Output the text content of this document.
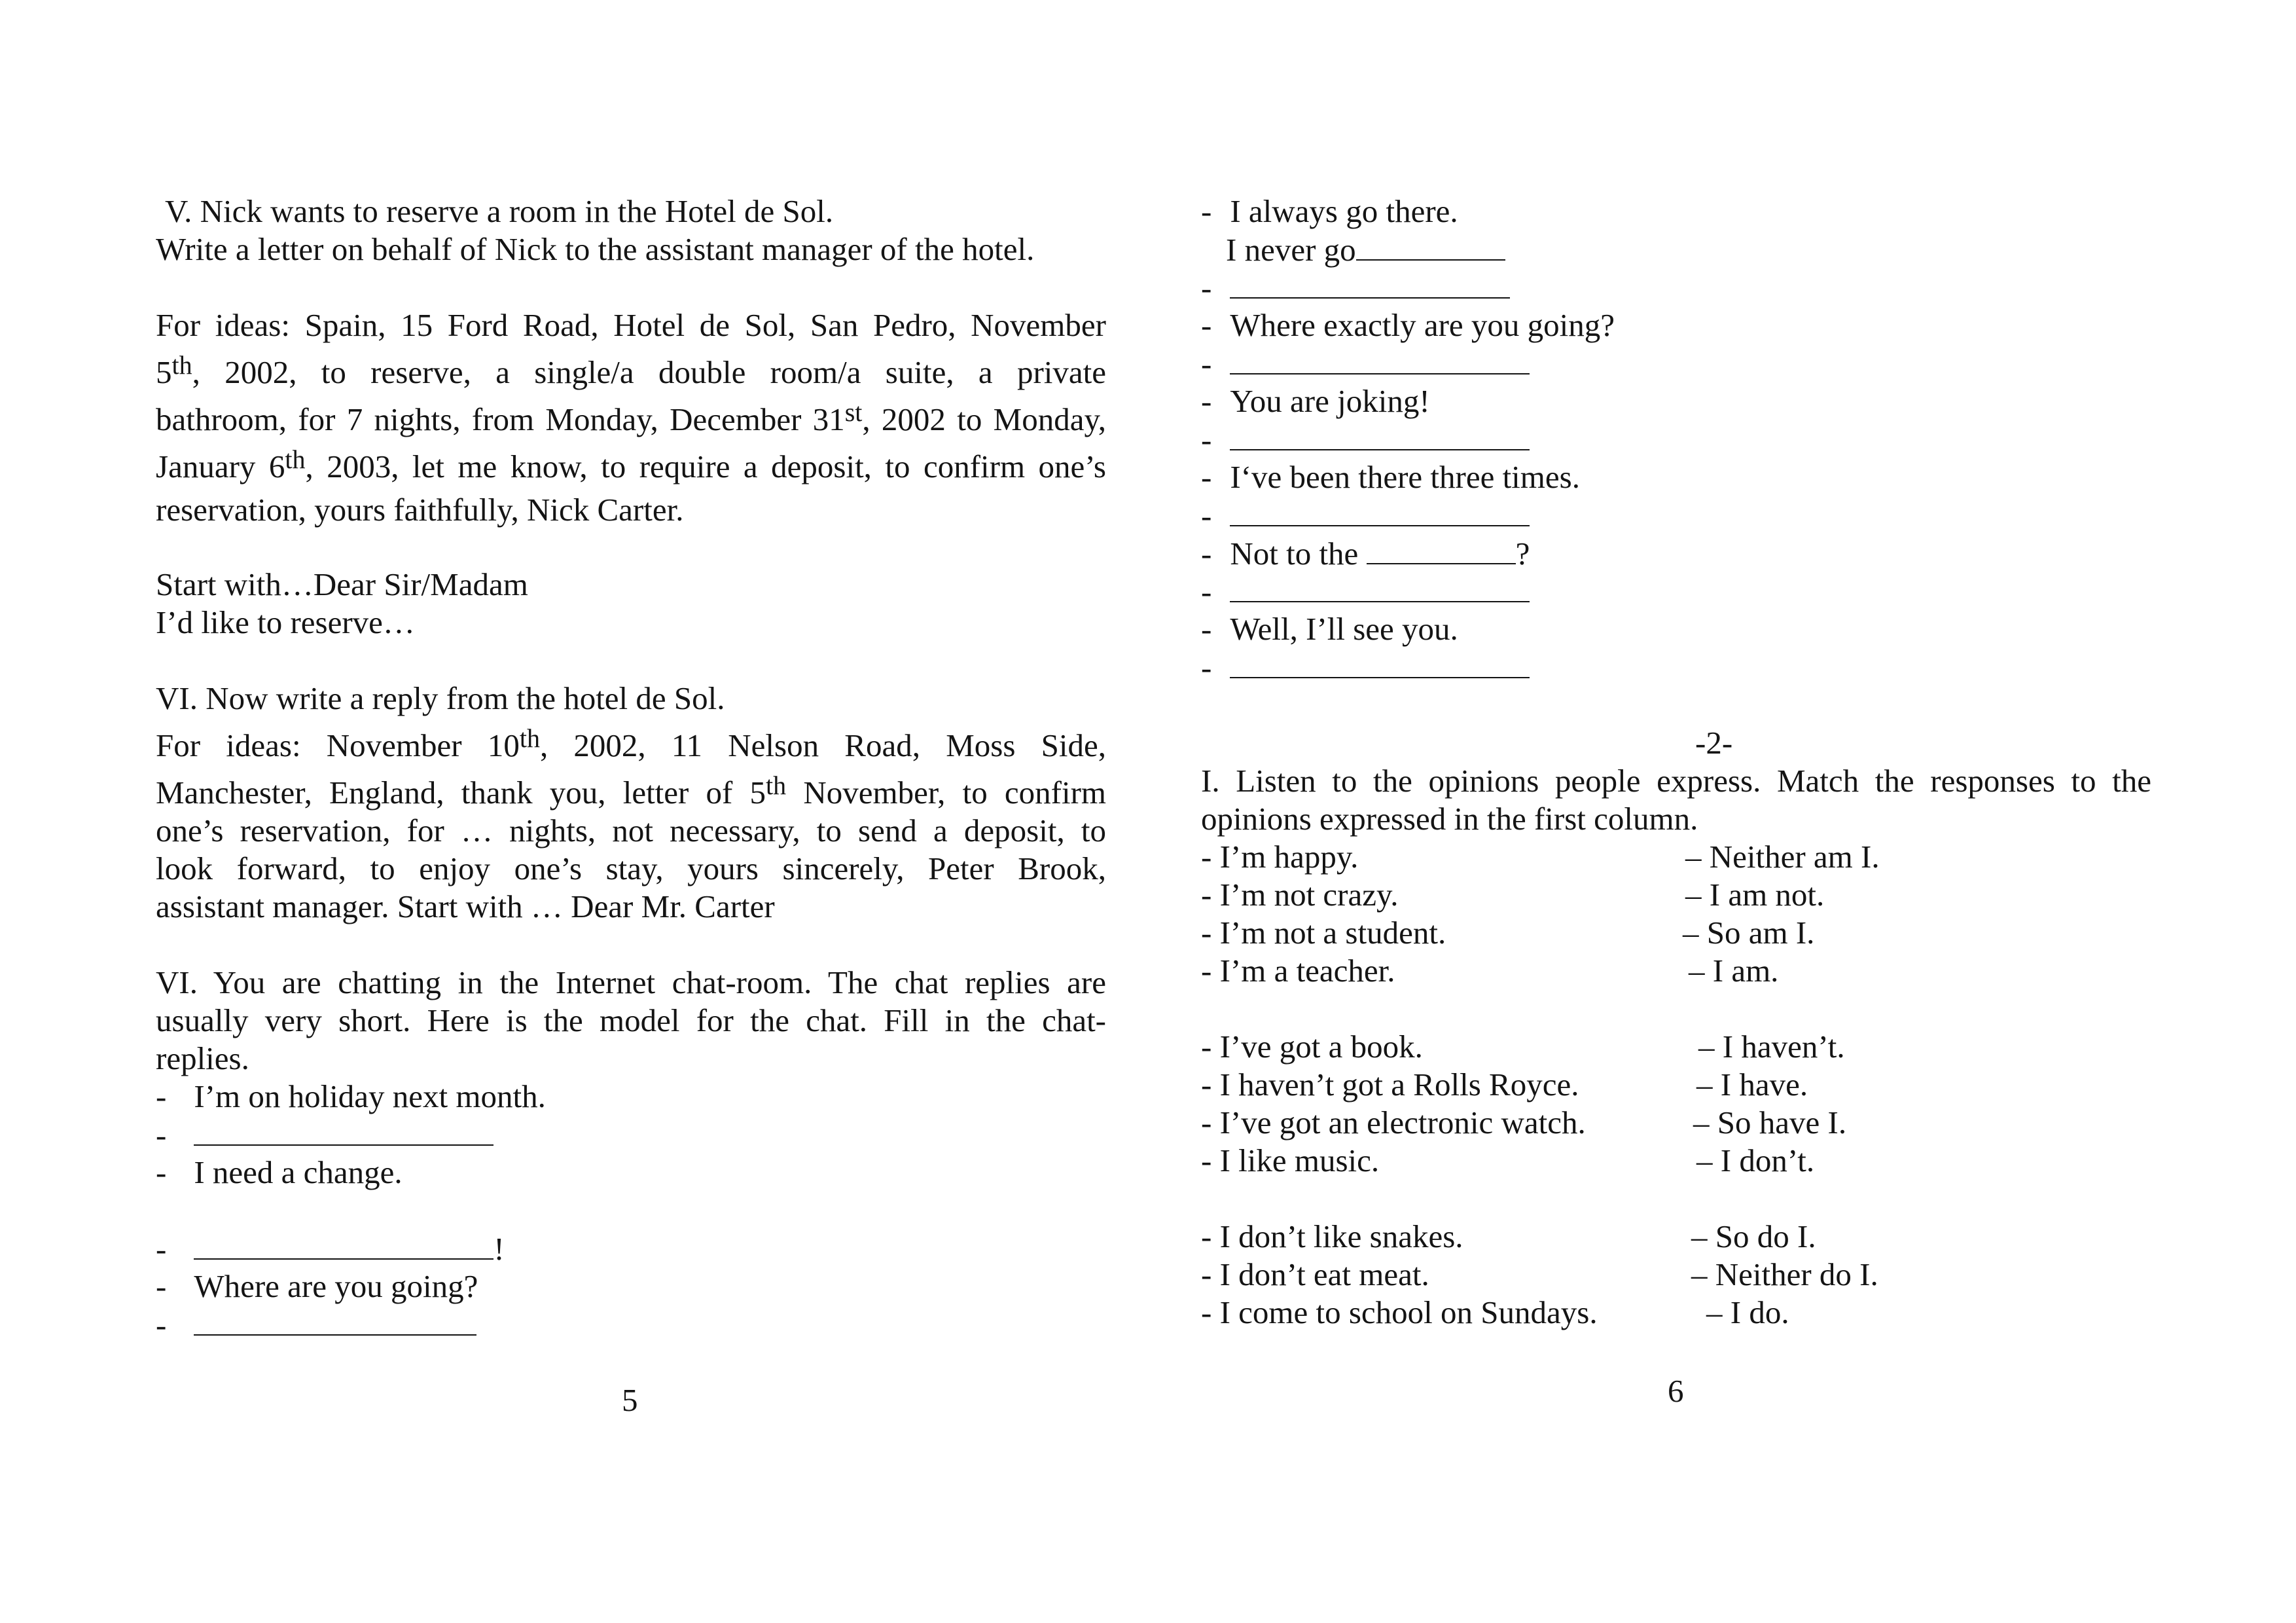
V. Nick wants to reserve a room in the Hotel de Sol.
Write a letter on behalf of Nick to the assistant manager of the hotel.
For ideas: Spain, 15 Ford Road, Hotel de Sol, San Pedro, November
5th, 2002, to reserve, a single/a double room/a suite, a private
bathroom, for 7 nights, from Monday, December 31st, 2002 to Monday,
January 6th, 2003, let me know, to require a deposit, to confirm one’s
reservation, yours faithfully, Nick Carter.
Start with…Dear Sir/Madam
I’d like to reserve…
VI. Now write a reply from the hotel de Sol.
For ideas: November 10th, 2002, 11 Nelson Road, Moss Side,
Manchester, England, thank you, letter of 5th November, to confirm
one’s reservation, for … nights, not necessary, to send a deposit, to
look forward, to enjoy one’s stay, yours sincerely, Peter Brook,
assistant manager. Start with … Dear Mr. Carter
VI. You are chatting in the Internet chat-room. The chat replies are
usually very short. Here is the model for the chat. Fill in the chat-
replies.
- I’m on holiday next month.
-
- I need a change.
-	!
- Where are you going?
-
5
- I always go there.
I never go
-
- Where exactly are you going?
-
- You are joking!
-
- I‘ve been there three times.
-
- Not to the	?
-
- Well, I’ll see you.
-
-2-
I. Listen to the opinions people express. Match the responses to the
opinions expressed in the first column.
- I’m happy.	– Neither am I.
- I’m not crazy.	– I am not.
- I’m not a student.	– So am I.
- I’m a teacher.	– I am.
- I’ve got a book.	– I haven’t.
- I haven’t got a Rolls Royce.	– I have.
- I’ve got an electronic watch.	– So have I.
- I like music.	– I don’t.
- I don’t like snakes.	– So do I.
- I don’t eat meat.	– Neither do I.
- I come to school on Sundays.	– I do.
6
